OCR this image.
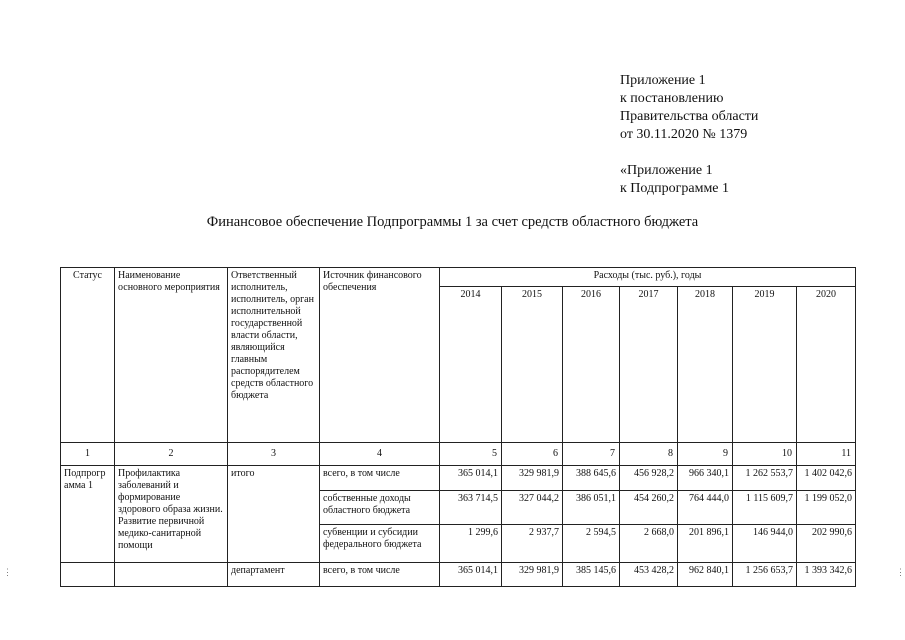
Приложение 1
к постановлению
Правительства области
от 30.11.2020 № 1379
«Приложение 1
к Подпрограмме 1
Финансовое обеспечение Подпрограммы 1 за счет средств областного бюджета
Статус	Наименование основного мероприятия	Ответственный исполнитель, исполнитель, орган исполнительной государственной власти области, являющийся главным распорядителем средств областного бюджета	Источник финансового обеспечения	Расходы (тыс. руб.), годы						
				2014	2015	2016	2017	2018	2019	2020
1	2	3	4	5	6	7	8	9	10	11
Подпрогр амма 1	Профилактика заболеваний и формирование здорового образа жизни. Развитие первичной медико-санитарной помощи	итого	всего, в том числе	365 014,1	329 981,9	388 645,6	456 928,2	966 340,1	1 262 553,7	1 402 042,6
			собственные доходы областного бюджета	363 714,5	327 044,2	386 051,1	454 260,2	764 444,0	1 115 609,7	1 199 052,0
			субвенции и субсидии федерального бюджета	1 299,6	2 937,7	2 594,5	2 668,0	201 896,1	146 944,0	202 990,6
		департамент	всего, в том числе	365 014,1	329 981,9	385 145,6	453 428,2	962 840,1	1 256 653,7	1 393 342,6
⋮	⋮
